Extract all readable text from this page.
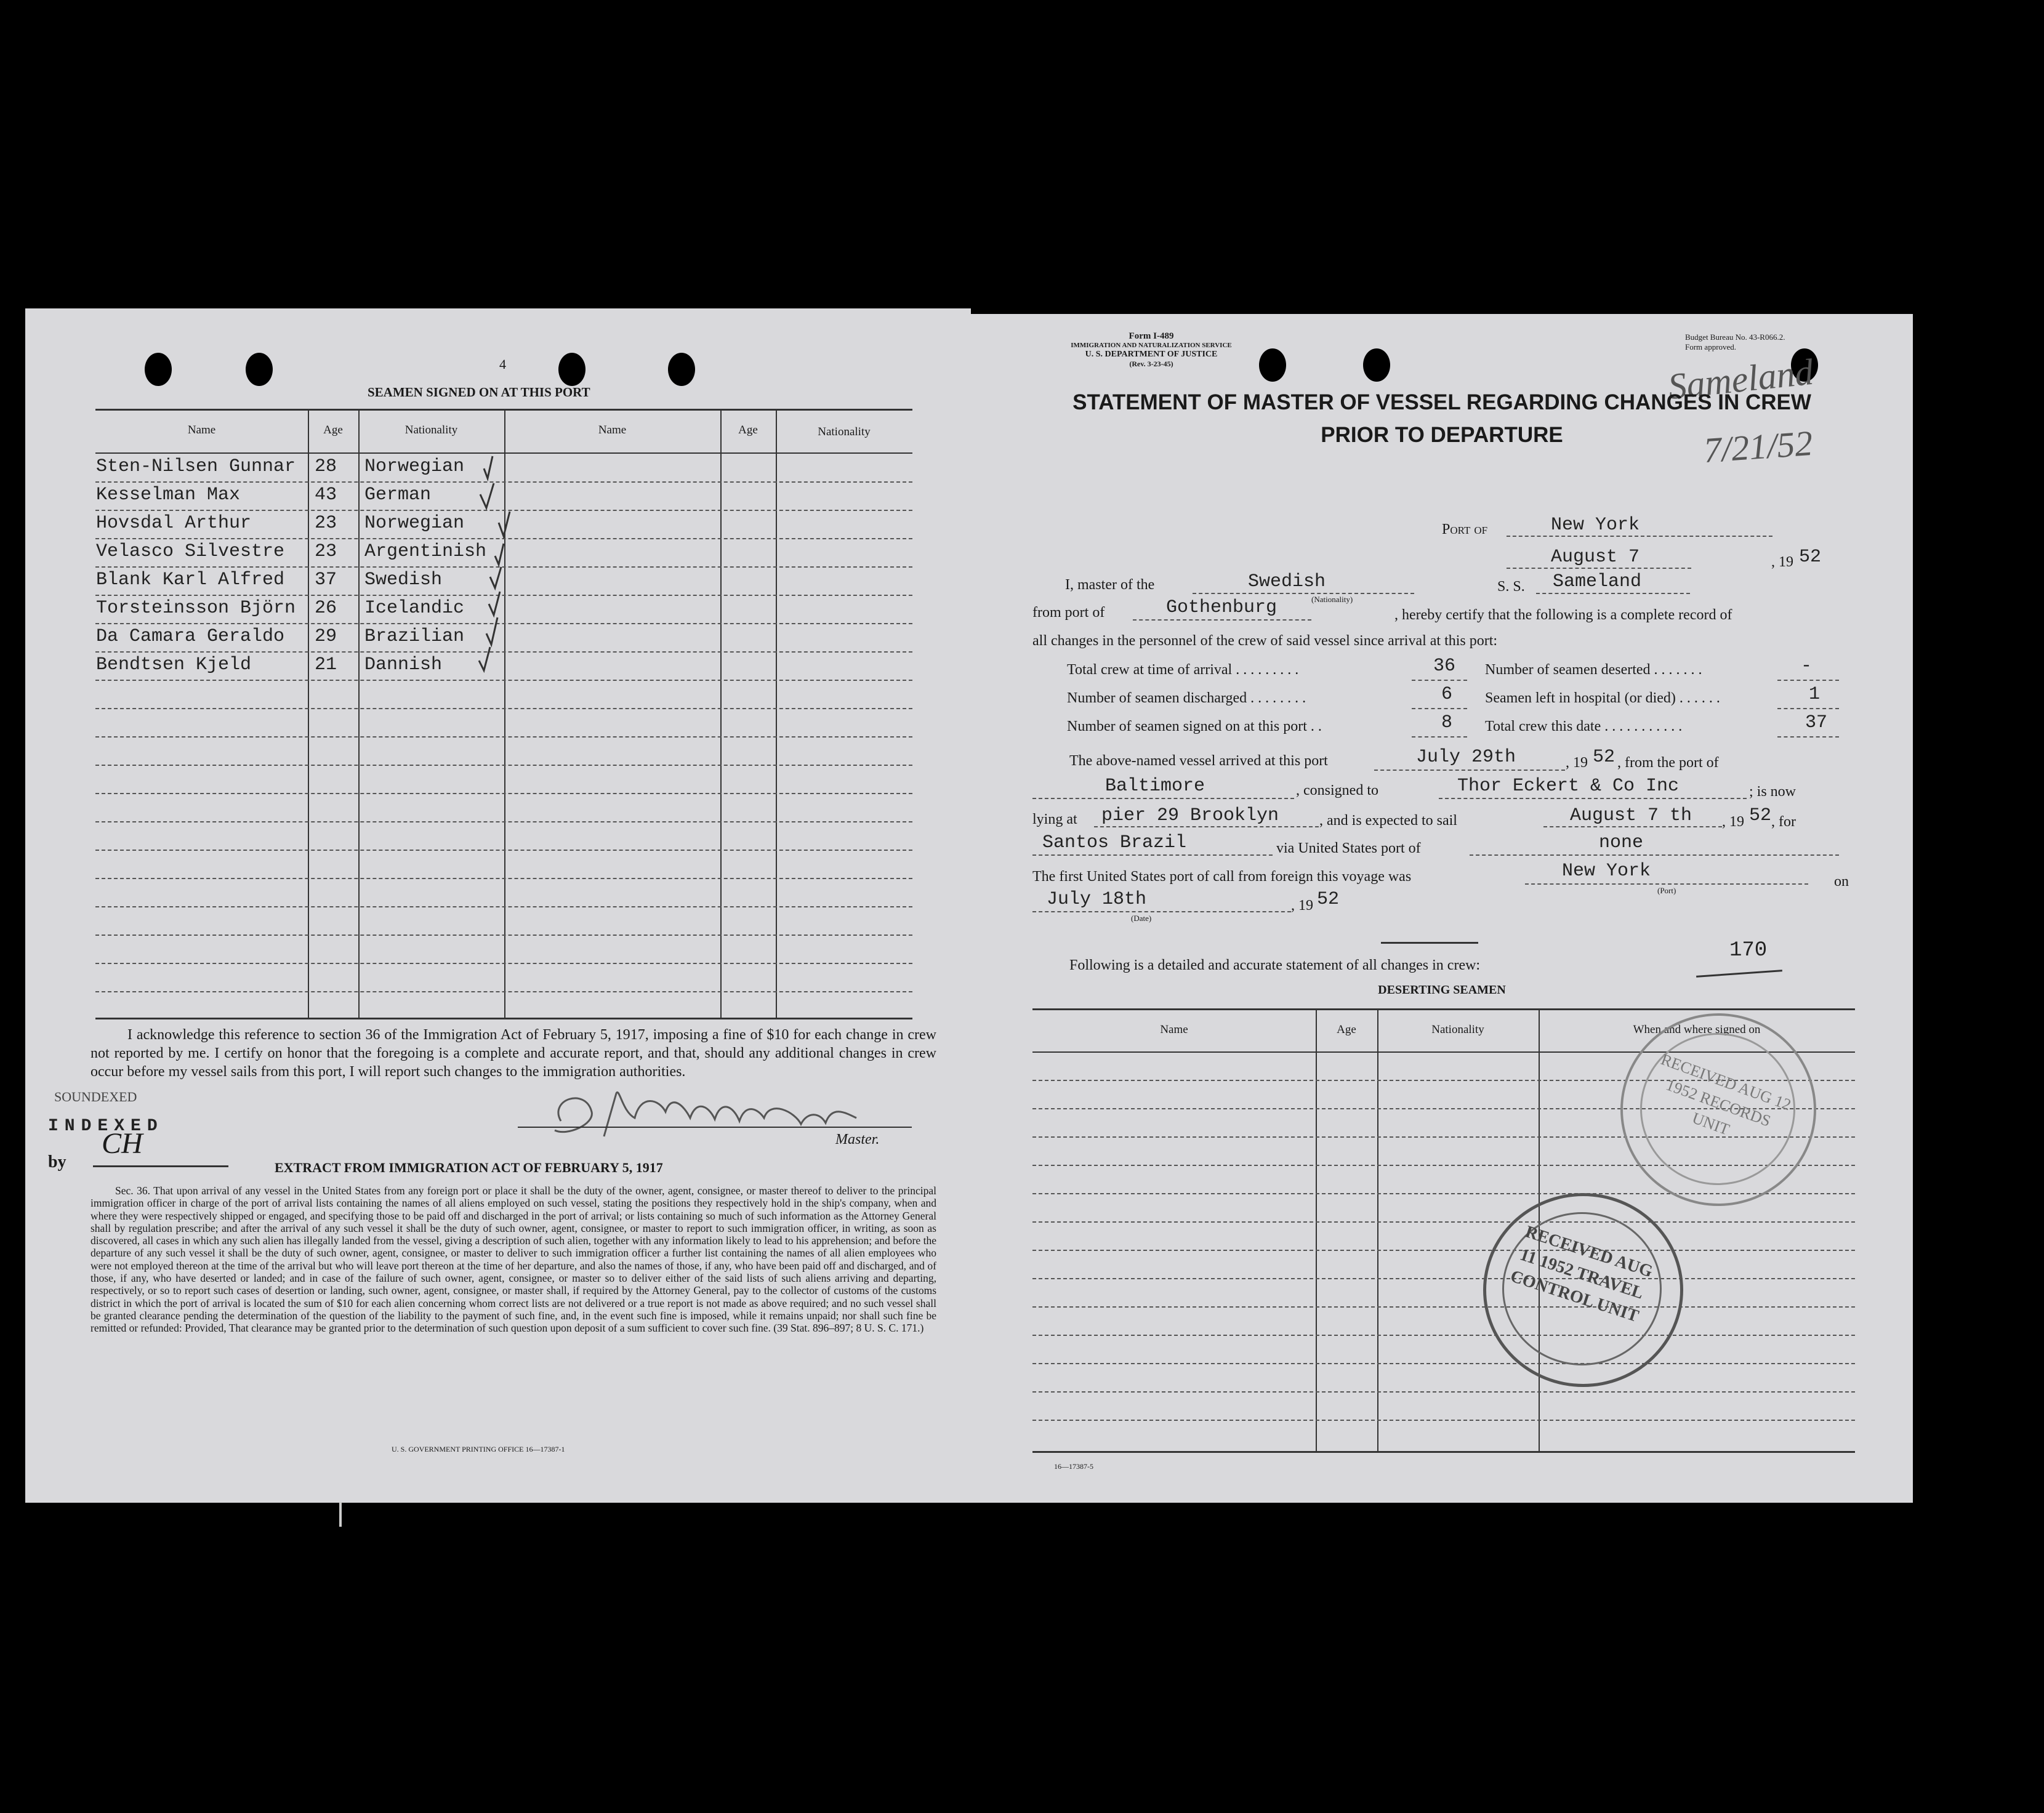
4
SEAMEN SIGNED ON AT THIS PORT
Name	Age	Nationality	Name	Age	Nationality
Sten-Nilsen Gunnar 28 Norwegian
Kesselman Max	43 German
Hovsdal Arthur	23 Norwegian
Velasco Silvestre 23 Argentinish
Blank Karl Alfred 37 Swedish
Torsteinsson Björn 26 Icelandic
Da Camara Geraldo 29 Brazilian
Bendtsen Kjeld	21 Dannish
I acknowledge this reference to section 36 of the Immigration Act of February 5, 1917, imposing a fine of $10 for each change in crew not reported by me. I certify on honor that the foregoing is a complete and accurate report, and that, should any additional changes in crew occur before my vessel sails from this port, I will report such changes to the immigration authorities.
SOUNDEXED
INDEXED
by
CH	Master.
EXTRACT FROM IMMIGRATION ACT OF FEBRUARY 5, 1917
Sec. 36. That upon arrival of any vessel in the United States from any foreign port or place it shall be the duty of the owner, agent, consignee, or master thereof to deliver to the principal immigration officer in charge of the port of arrival lists containing the names of all aliens employed on such vessel, stating the positions they respectively hold in the ship's company, when and where they were respectively shipped or engaged, and specifying those to be paid off and discharged in the port of arrival; or lists containing so much of such information as the Attorney General shall by regulation prescribe; and after the arrival of any such vessel it shall be the duty of such owner, agent, consignee, or master to report to such immigration officer, in writing, as soon as discovered, all cases in which any such alien has illegally landed from the vessel, giving a description of such alien, together with any information likely to lead to his apprehension; and before the departure of any such vessel it shall be the duty of such owner, agent, consignee, or master to deliver to such immigration officer a further list containing the names of all alien employees who were not employed thereon at the time of the arrival but who will leave port thereon at the time of her departure, and also the names of those, if any, who have been paid off and discharged, and of those, if any, who have deserted or landed; and in case of the failure of such owner, agent, consignee, or master so to deliver either of the said lists of such aliens arriving and departing, respectively, or so to report such cases of desertion or landing, such owner, agent, consignee, or master shall, if required by the Attorney General, pay to the collector of customs of the customs district in which the port of arrival is located the sum of $10 for each alien concerning whom correct lists are not delivered or a true report is not made as above required; and no such vessel shall be granted clearance pending the determination of the question of the liability to the payment of such fine, and, in the event such fine is imposed, while it remains unpaid; nor shall such fine be remitted or refunded: Provided, That clearance may be granted prior to the determination of such question upon deposit of a sum sufficient to cover such fine. (39 Stat. 896–897; 8 U. S. C. 171.)
U. S. GOVERNMENT PRINTING OFFICE 16—17387-1
Form I-489
IMMIGRATION AND NATURALIZATION SERVICE
U. S. DEPARTMENT OF JUSTICE
(Rev. 3-23-45)
Budget Bureau No. 43-R066.2.
Form approved.
Sameland
7/21/52
STATEMENT OF MASTER OF VESSEL REGARDING CHANGES IN CREW
PRIOR TO DEPARTURE
Port of	New York
August 7	, 19 52
I, master of the	Swedish
(Nationality)
S. S. Sameland
from port of	Gothenburg	, hereby certify that the following is a complete record of
all changes in the personnel of the crew of said vessel since arrival at this port:
Total crew at time of arrival . . . . . . . . .	36 Number of seamen deserted . . . . . . .	-
Number of seamen discharged . . . . . . . .	6 Seamen left in hospital (or died) . . . . . .	1
Number of seamen signed on at this port . .	8 Total crew this date . . . . . . . . . . .	37
The above-named vessel arrived at this port	July 29th	, 19 52 , from the port of
Baltimore	, consigned to	Thor Eckert & Co Inc	; is now
lying at pier 29 Brooklyn	, and is expected to sail	August 7 th , 19 52 , for
Santos Brazil	via United States port of	none
The first United States port of call from foreign this voyage was	New York
(Port)
on
July 18th
(Date)
, 19 52
170
Following is a detailed and accurate statement of all changes in crew:
DESERTING SEAMEN
Name	Age	Nationality	When and where signed on
RECEIVED AUG 12 1952 RECORDS UNIT
RECEIVED AUG 11 1952 TRAVEL CONTROL UNIT
16—17387-5
